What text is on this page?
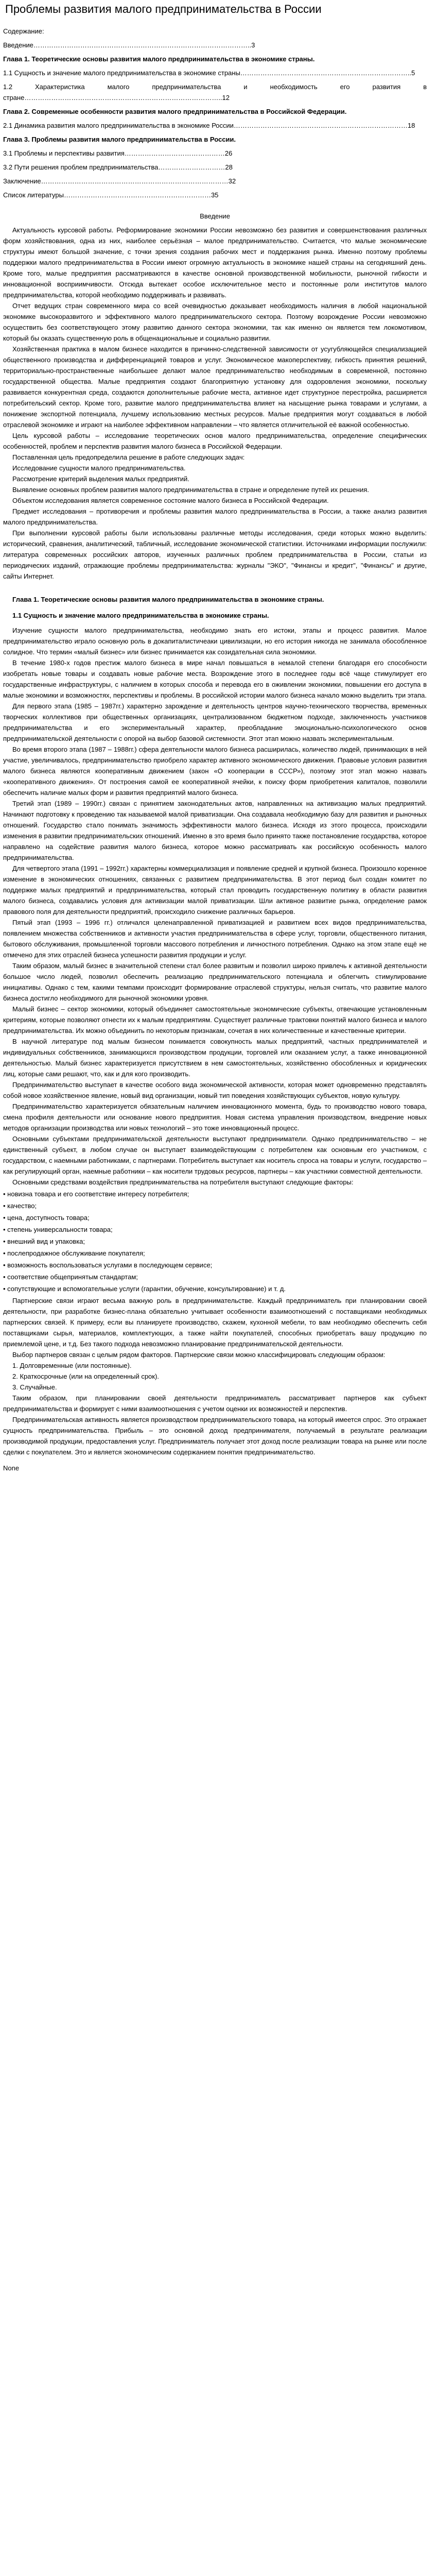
Проблемы развития малого предпринимательства в России

Содержание:

Введение……………………………………………………………………………………..3

Глава 1. Теоретические основы развития малого предпринимательства в экономике страны.

1.1 Сущность и значение малого предпринимательства в экономике страны…………………………………………………………………..5

1.2 Характеристика малого предпринимательства и необходимость его развития в стране……………………………………………………………………………..12

Глава 2. Современные особенности развития малого предпринимательства в Российской Федерации.

2.1 Динамика развития малого предпринимательства в экономике России……………………………………………………………………18

Глава 3. Проблемы развития малого предпринимательства в России.

3.1 Проблемы и перспективы развития………………………………………26

3.2 Пути решения проблем предпринимательства…………………………28

Заключение…………………………………………………………………………32

Список литературы…………………………………………………………35

Введение

Актуальность курсовой работы. Реформирование экономики России невозможно без развития и совершенствования различных форм хозяйствования, одна из них, наиболее серьёзная – малое предпринимательство. Считается, что малые экономические структуры имеют большой значение, с точки зрения создания рабочих мест и поддержания рынка. Именно поэтому проблемы поддержки малого предпринимательства в России имеют огромную актуальность в экономике нашей страны на сегодняшний день. Кроме того, малые предприятия рассматриваются в качестве основной производственной мобильности, рыночной гибкости и инновационной восприимчивости. Отсюда вытекает особое исключительное место и постоянные роли институтов малого предпринимательства, которой необходимо поддерживать и развивать.

Отчет ведущих стран современного мира со всей очевидностью доказывает необходимость наличия в любой национальной экономике высокоразвитого и эффективного малого предпринимательского сектора. Поэтому возрождение России невозможно осуществить без соответствующего этому развитию данного сектора экономики, так как именно он является тем локомотивом, который бы оказать существенную роль в общенациональные и социально развитии.

Хозяйственная практика в малом бизнесе находится в причинно-следственной зависимости от усугубляющейся специализацией общественного производства и дифференциацией товаров и услуг. Экономическое макоперспективу, гибкость принятия решений, территориально-пространственные наибольшее делают малое предпринимательство необходимым в современной, постоянно государственной общества. Малые предприятия создают благоприятную установку для оздоровления экономики, поскольку развивается конкурентная среда, создаются дополнительные рабочие места, активное идет структурное перестройка, расширяется потребительский сектор. Кроме того, развитие малого предпринимательства влияет на насыщение рынка товарами и услугами, а понижение экспортной потенциала, лучшему использованию местных ресурсов. Малые предприятия могут создаваться в любой отраслевой экономике и играют на наиболее эффективном направлении – что является отличительной её важной особенностью.

Цель курсовой работы – исследование теоретических основ малого предпринимательства, определение специфических особенностей, проблем и перспектив развития малого бизнеса в Российской Федерации.

Поставленная цель предопределила решение в работе следующих задач:

Исследование сущности малого предпринимательства.

Рассмотрение критерий выделения малых предприятий.

Выявление основных проблем развития малого предпринимательства в стране и определение путей их решения.

Объектом исследования является современное состояние малого бизнеса в Российской Федерации.

Предмет исследования – противоречия и проблемы развития малого предпринимательства в России, а также анализ развития малого предпринимательства.

При выполнении курсовой работы были использованы различные методы исследования, среди которых можно выделить: исторический, сравнения, аналитический, табличный, исследование экономической статистики. Источниками информации послужили: литература современных российских авторов, изученных различных проблем предпринимательства в России, статьи из периодических изданий, отражающие проблемы предпринимательства: журналы "ЭКО", "Финансы и кредит", "Финансы" и другие, сайты Интернет.

Глава 1. Теоретические основы развития малого предпринимательства в экономике страны.

1.1 Сущность и значение малого предпринимательства в экономике страны.

Изучение сущности малого предпринимательства, необходимо знать его истоки, этапы и процесс развития. Малое предпринимательство играло основную роль в докапиталистичеаки цивилизации, но его история никогда не занимала обособленное солидное. Что термин «малый бизнес» или бизнес принимается как созидательная сила экономики.

В течение 1980-х годов престиж малого бизнеса в мире начал повышаться в немалой степени благодаря его способности изобретать новые товары и создавать новые рабочие места. Возрождение этого в последнее годы всё чаще стимулирует его государственные инфраструктуры, с наличием в которых способа и перевода его в оживлении экономики, повышении его доступа в малые экономики и возможностях, перспективы и проблемы. В российской истории малого бизнеса начало можно выделить три этапа.

Для первого этапа (1985 – 1987гг.) характерно зарождение и деятельность центров научно-технического творчества, временных творческих коллективов при общественных организациях, централизованном бюджетном подходе, заключенность участников предпринимательства и его экспериментальный характер, преобладание эмоционально-психологического основ предпринимательской деятельности с опорой на выбор базовой системности. Этот этап можно назвать экспериментальным.

Во время второго этапа (1987 – 1988гг.) сфера деятельности малого бизнеса расширилась, количество людей, принимающих в ней участие, увеличивалось, предпринимательство приобрело характер активного экономического движения. Правовые условия развития малого бизнеса являются кооперативным движением (закон «О кооперации в СССР»), поэтому этот этап можно назвать «кооперативного движения». От построения самой ее кооперативной ячейки, к поиску форм приобретения капиталов, позволили обеспечить наличие малых форм и развития предприятий малого бизнеса.

Третий этап (1989 – 1990гг.) связан с принятием законодательных актов, направленных на активизацию малых предприятий. Начинают подготовку к проведению так называемой малой приватизации. Она создавала необходимую базу для развития и рыночных отношений. Государство стало понимать значимость эффективности малого бизнеса. Исходя из этого процесса, происходили изменения в развитии предпринимательских отношений. Именно в это время было принято также постановление государства, которое направлено на содействие развития малого бизнеса, которое можно рассматривать как российскую особенность малого предпринимательства.

Для четвертого этапа (1991 – 1992гг.) характерны коммерциализация и появление средней и крупной бизнеса. Произошло коренное изменение в экономических отношениях, связанных с развитием предпринимательства. В этот период был создан комитет по поддержке малых предприятий и предпринимательства, который стал проводить государственную политику в области развития малого бизнеса, создавались условия для активизации малой приватизации. Шли активное развитие рынка, определение рамок правового поля для деятельности предприятий, происходило снижение различных барьеров.

Пятый этап (1993 – 1996 гг.) отличался целенаправленной приватизацией и развитием всех видов предпринимательства, появлением множества собственников и активности участия предпринимательства в сфере услуг, торговли, общественного питания, бытового обслуживания, промышленной торговли массового потребления и личностного потребления. Однако на этом этапе ещё не отмечено для этих отраслей бизнеса успешности развития продукции и услуг.

Таким образом, малый бизнес в значительной степени стал более развитым и позволил широко привлечь к активной деятельности большое число людей, позволил обеспечить реализацию предпринимательского потенциала и облегчить стимулирование инициативы. Однако с тем, какими темпами происходит формирование отраслевой структуры, нельзя считать, что развитие малого бизнеса достигло необходимого для рыночной экономики уровня.

Малый бизнес – сектор экономики, который объединяет самостоятельные экономические субъекты, отвечающие установленным критериям, которые позволяют отнести их к малым предприятиям. Существует различные трактовки понятий малого бизнеса и малого предпринимательства. Их можно объединить по некоторым признакам, сочетая в них количественные и качественные критерии.

В научной литературе под малым бизнесом понимается совокупность малых предприятий, частных предпринимателей и индивидуальных собственников, занимающихся производством продукции, торговлей или оказанием услуг, а также инновационной деятельностью. Малый бизнес характеризуется присутствием в нем самостоятельных, хозяйственно обособленных и юридических лиц, которые сами решают, что, как и для кого производить.

Предпринимательство выступает в качестве особого вида экономической активности, которая может одновременно представлять собой новое хозяйственное явление, новый вид организации, новый тип поведения хозяйствующих субъектов, новую культуру.

Предпринимательство характеризуется обязательным наличием инновационного момента, будь то производство нового товара, смена профиля деятельности или основание нового предприятия. Новая система управления производством, внедрение новых методов организации производства или новых технологий – это тоже инновационный процесс.

Основными субъектами предпринимательской деятельности выступают предприниматели. Однако предпринимательство – не единственный субъект, в любом случае он выступает взаимодействующим с потребителем как основным его участником, с государством, с наемными работниками, с партнерами. Потребитель выступает как носитель спроса на товары и услуги, государство – как регулирующий орган, наемные работники – как носители трудовых ресурсов, партнеры – как участники совместной деятельности.

Основными средствами воздействия предпринимательства на потребителя выступают следующие факторы:

• новизна товара и его соответствие интересу потребителя;
• качество;
• цена, доступность товара;
• степень универсальности товара;
• внешний вид и упаковка;
• послепродажное обслуживание покупателя;
• возможность воспользоваться услугами в последующем сервисе;
• соответствие общепринятым стандартам;
• сопутствующие и вспомогательные услуги (гарантии, обучение, консультирование) и т. д.

Партнерские связи играют весьма важную роль в предпринимательстве. Каждый предприниматель при планировании своей деятельности, при разработке бизнес-плана обязательно учитывает особенности взаимоотношений с поставщиками необходимых партнерских связей. К примеру, если вы планируете производство, скажем, кухонной мебели, то вам необходимо обеспечить себя поставщиками сырья, материалов, комплектующих, а также найти покупателей, способных приобретать вашу продукцию по приемлемой цене, и т.д. Без такого подхода невозможно планирование предпринимательской деятельности.

Выбор партнеров связан с целым рядом факторов. Партнерские связи можно классифицировать следующим образом:

1. Долговременные (или постоянные).

2. Краткосрочные (или на определенный срок).

3. Случайные.

Таким образом, при планировании своей деятельности предприниматель рассматривает партнеров как субъект предпринимательства и формирует с ними взаимоотношения с учетом оценки их возможностей и перспектив.

Предпринимательская активность является производством предпринимательского товара, на который имеется спрос. Это отражает сущность предпринимательства. Прибыль – это основной доход предпринимателя, получаемый в результате реализации производимой продукции, предоставления услуг. Предприниматель получает этот доход после реализации товара на рынке или после сделки с покупателем. Это и является экономическим содержанием понятия предпринимательство.

None
